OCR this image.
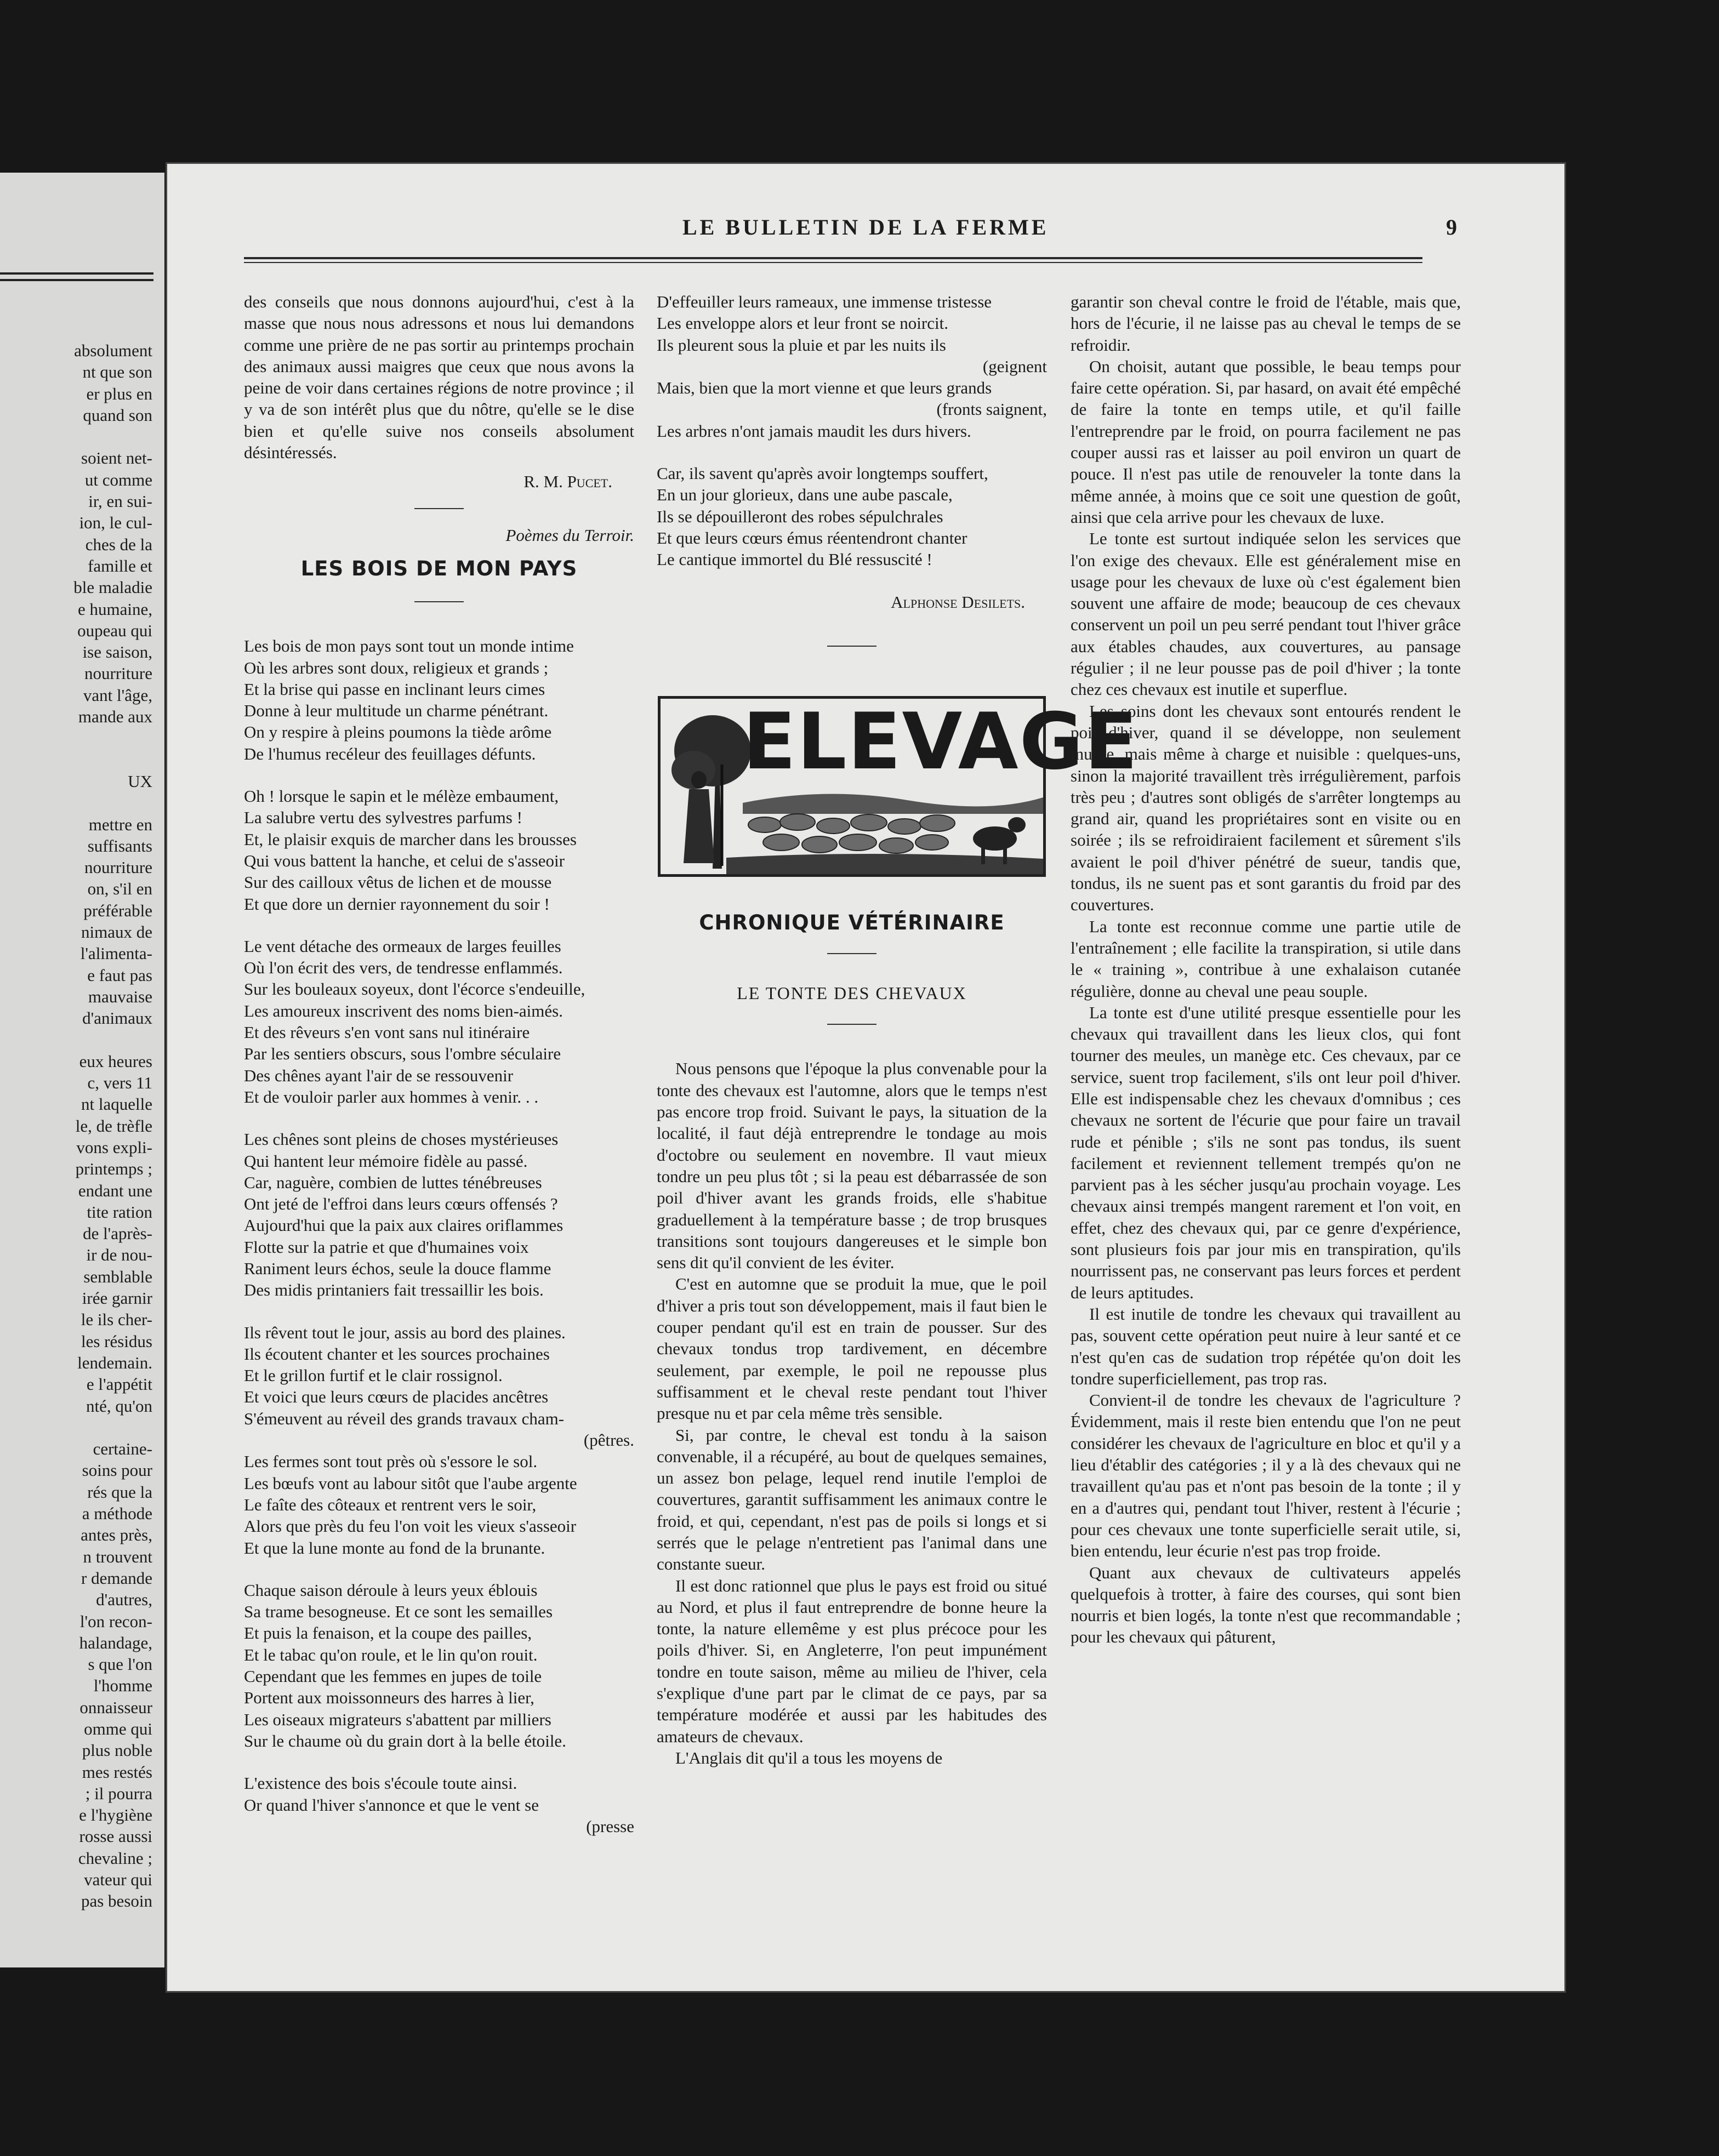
absolument
nt que son
er plus en
quand son
soient net-
ut comme
ir, en sui-
ion, le cul-
ches de la
famille et
ble maladie
e humaine,
oupeau qui
ise saison,
nourriture
vant l'âge,
mande aux
UX
mettre en
suffisants
nourriture
on, s'il en
préférable
nimaux de
l'alimenta-
e faut pas
mauvaise
d'animaux
eux heures
c, vers 11
nt laquelle
le, de trèfle
vons expli-
printemps ;
endant une
tite ration
de l'après-
ir de nou-
semblable
irée garnir
le ils cher-
les résidus
lendemain.
e l'appétit
nté, qu'on
certaine-
soins pour
rés que la
a méthode
antes près,
n trouvent
r demande
d'autres,
l'on recon-
halandage,
s que l'on
l'homme
onnaisseur
omme qui
plus noble
mes restés
; il pourra
e l'hygiène
rosse aussi
chevaline ;
vateur qui
pas besoin
LE BULLETIN DE LA FERME	9

des conseils que nous donnons aujourd'hui, c'est à la masse que nous nous adressons et nous lui demandons comme une prière de ne pas sortir au printemps prochain des animaux aussi maigres que ceux que nous avons la peine de voir dans certaines régions de notre province ; il y va de son intérêt plus que du nôtre, qu'elle se le dise bien et qu'elle suive nos conseils absolument désintéressés.

R. M. Pucet.
Poèmes du Terroir.
LES BOIS DE MON PAYS
Les bois de mon pays sont tout un monde intime
Où les arbres sont doux, religieux et grands ;
Et la brise qui passe en inclinant leurs cimes
Donne à leur multitude un charme pénétrant.
On y respire à pleins poumons la tiède arôme
De l'humus recéleur des feuillages défunts.
Oh ! lorsque le sapin et le mélèze embaument,
La salubre vertu des sylvestres parfums !
Et, le plaisir exquis de marcher dans les brousses
Qui vous battent la hanche, et celui de s'asseoir
Sur des cailloux vêtus de lichen et de mousse
Et que dore un dernier rayonnement du soir !
Le vent détache des ormeaux de larges feuilles
Où l'on écrit des vers, de tendresse enflammés.
Sur les bouleaux soyeux, dont l'écorce s'endeuille,
Les amoureux inscrivent des noms bien-aimés.
Et des rêveurs s'en vont sans nul itinéraire
Par les sentiers obscurs, sous l'ombre séculaire
Des chênes ayant l'air de se ressouvenir
Et de vouloir parler aux hommes à venir. . .
Les chênes sont pleins de choses mystérieuses
Qui hantent leur mémoire fidèle au passé.
Car, naguère, combien de luttes ténébreuses
Ont jeté de l'effroi dans leurs cœurs offensés ?
Aujourd'hui que la paix aux claires oriflammes
Flotte sur la patrie et que d'humaines voix
Raniment leurs échos, seule la douce flamme
Des midis printaniers fait tressaillir les bois.
Ils rêvent tout le jour, assis au bord des plaines.
Ils écoutent chanter et les sources prochaines
Et le grillon furtif et le clair rossignol.
Et voici que leurs cœurs de placides ancêtres
S'émeuvent au réveil des grands travaux cham-
(pêtres.
Les fermes sont tout près où s'essore le sol.
Les bœufs vont au labour sitôt que l'aube argente
Le faîte des côteaux et rentrent vers le soir,
Alors que près du feu l'on voit les vieux s'asseoir
Et que la lune monte au fond de la brunante.
Chaque saison déroule à leurs yeux éblouis
Sa trame besogneuse. Et ce sont les semailles
Et puis la fenaison, et la coupe des pailles,
Et le tabac qu'on roule, et le lin qu'on rouit.
Cependant que les femmes en jupes de toile
Portent aux moissonneurs des harres à lier,
Les oiseaux migrateurs s'abattent par milliers
Sur le chaume où du grain dort à la belle étoile.
L'existence des bois s'écoule toute ainsi.
Or quand l'hiver s'annonce et que le vent se
(presse
D'effeuiller leurs rameaux, une immense tristesse
Les enveloppe alors et leur front se noircit.
Ils pleurent sous la pluie et par les nuits ils
(geignent
Mais, bien que la mort vienne et que leurs grands
(fronts saignent,
Les arbres n'ont jamais maudit les durs hivers.
Car, ils savent qu'après avoir longtemps souffert,
En un jour glorieux, dans une aube pascale,
Ils se dépouilleront des robes sépulchrales
Et que leurs cœurs émus réentendront chanter
Le cantique immortel du Blé ressuscité !
Alphonse Desilets.
ELEVAGE
CHRONIQUE VÉTÉRINAIRE
LE TONTE DES CHEVAUX

Nous pensons que l'époque la plus convenable pour la tonte des chevaux est l'automne, alors que le temps n'est pas encore trop froid. Suivant le pays, la situation de la localité, il faut déjà entreprendre le tondage au mois d'octobre ou seulement en novembre. Il vaut mieux tondre un peu plus tôt ; si la peau est débarrassée de son poil d'hiver avant les grands froids, elle s'habitue graduellement à la température basse ; de trop brusques transitions sont toujours dangereuses et le simple bon sens dit qu'il convient de les éviter.

C'est en automne que se produit la mue, que le poil d'hiver a pris tout son développement, mais il faut bien le couper pendant qu'il est en train de pousser. Sur des chevaux tondus trop tardivement, en décembre seulement, par exemple, le poil ne repousse plus suffisamment et le cheval reste pendant tout l'hiver presque nu et par cela même très sensible.

Si, par contre, le cheval est tondu à la saison convenable, il a récupéré, au bout de quelques semaines, un assez bon pelage, lequel rend inutile l'emploi de couvertures, garantit suffisamment les animaux contre le froid, et qui, cependant, n'est pas de poils si longs et si serrés que le pelage n'entretient pas l'animal dans une constante sueur.

Il est donc rationnel que plus le pays est froid ou situé au Nord, et plus il faut entreprendre de bonne heure la tonte, la nature ellemême y est plus précoce pour les poils d'hiver. Si, en Angleterre, l'on peut impunément tondre en toute saison, même au milieu de l'hiver, cela s'explique d'une part par le climat de ce pays, par sa température modérée et aussi par les habitudes des amateurs de chevaux.

L'Anglais dit qu'il a tous les moyens de

garantir son cheval contre le froid de l'étable, mais que, hors de l'écurie, il ne laisse pas au cheval le temps de se refroidir.

On choisit, autant que possible, le beau temps pour faire cette opération. Si, par hasard, on avait été empêché de faire la tonte en temps utile, et qu'il faille l'entreprendre par le froid, on pourra facilement ne pas couper aussi ras et laisser au poil environ un quart de pouce. Il n'est pas utile de renouveler la tonte dans la même année, à moins que ce soit une question de goût, ainsi que cela arrive pour les chevaux de luxe.

Le tonte est surtout indiquée selon les services que l'on exige des chevaux. Elle est généralement mise en usage pour les chevaux de luxe où c'est également bien souvent une affaire de mode; beaucoup de ces chevaux conservent un poil un peu serré pendant tout l'hiver grâce aux étables chaudes, aux couvertures, au pansage régulier ; il ne leur pousse pas de poil d'hiver ; la tonte chez ces chevaux est inutile et superflue.

Les soins dont les chevaux sont entourés rendent le poil d'hiver, quand il se développe, non seulement inutile, mais même à charge et nuisible : quelques-uns, sinon la majorité travaillent très irrégulièrement, parfois très peu ; d'autres sont obligés de s'arrêter longtemps au grand air, quand les propriétaires sont en visite ou en soirée ; ils se refroidiraient facilement et sûrement s'ils avaient le poil d'hiver pénétré de sueur, tandis que, tondus, ils ne suent pas et sont garantis du froid par des couvertures.

La tonte est reconnue comme une partie utile de l'entraînement ; elle facilite la transpiration, si utile dans le « training », contribue à une exhalaison cutanée régulière, donne au cheval une peau souple.

La tonte est d'une utilité presque essentielle pour les chevaux qui travaillent dans les lieux clos, qui font tourner des meules, un manège etc. Ces chevaux, par ce service, suent trop facilement, s'ils ont leur poil d'hiver. Elle est indispensable chez les chevaux d'omnibus ; ces chevaux ne sortent de l'écurie que pour faire un travail rude et pénible ; s'ils ne sont pas tondus, ils suent facilement et reviennent tellement trempés qu'on ne parvient pas à les sécher jusqu'au prochain voyage. Les chevaux ainsi trempés mangent rarement et l'on voit, en effet, chez des chevaux qui, par ce genre d'expérience, sont plusieurs fois par jour mis en transpiration, qu'ils nourrissent pas, ne conservant pas leurs forces et perdent de leurs aptitudes.

Il est inutile de tondre les chevaux qui travaillent au pas, souvent cette opération peut nuire à leur santé et ce n'est qu'en cas de sudation trop répétée qu'on doit les tondre superficiellement, pas trop ras.

Convient-il de tondre les chevaux de l'agriculture ? Évidemment, mais il reste bien entendu que l'on ne peut considérer les chevaux de l'agriculture en bloc et qu'il y a lieu d'établir des catégories ; il y a là des chevaux qui ne travaillent qu'au pas et n'ont pas besoin de la tonte ; il y en a d'autres qui, pendant tout l'hiver, restent à l'écurie ; pour ces chevaux une tonte superficielle serait utile, si, bien entendu, leur écurie n'est pas trop froide.

Quant aux chevaux de cultivateurs appelés quelquefois à trotter, à faire des courses, qui sont bien nourris et bien logés, la tonte n'est que recommandable ; pour les chevaux qui pâturent,
